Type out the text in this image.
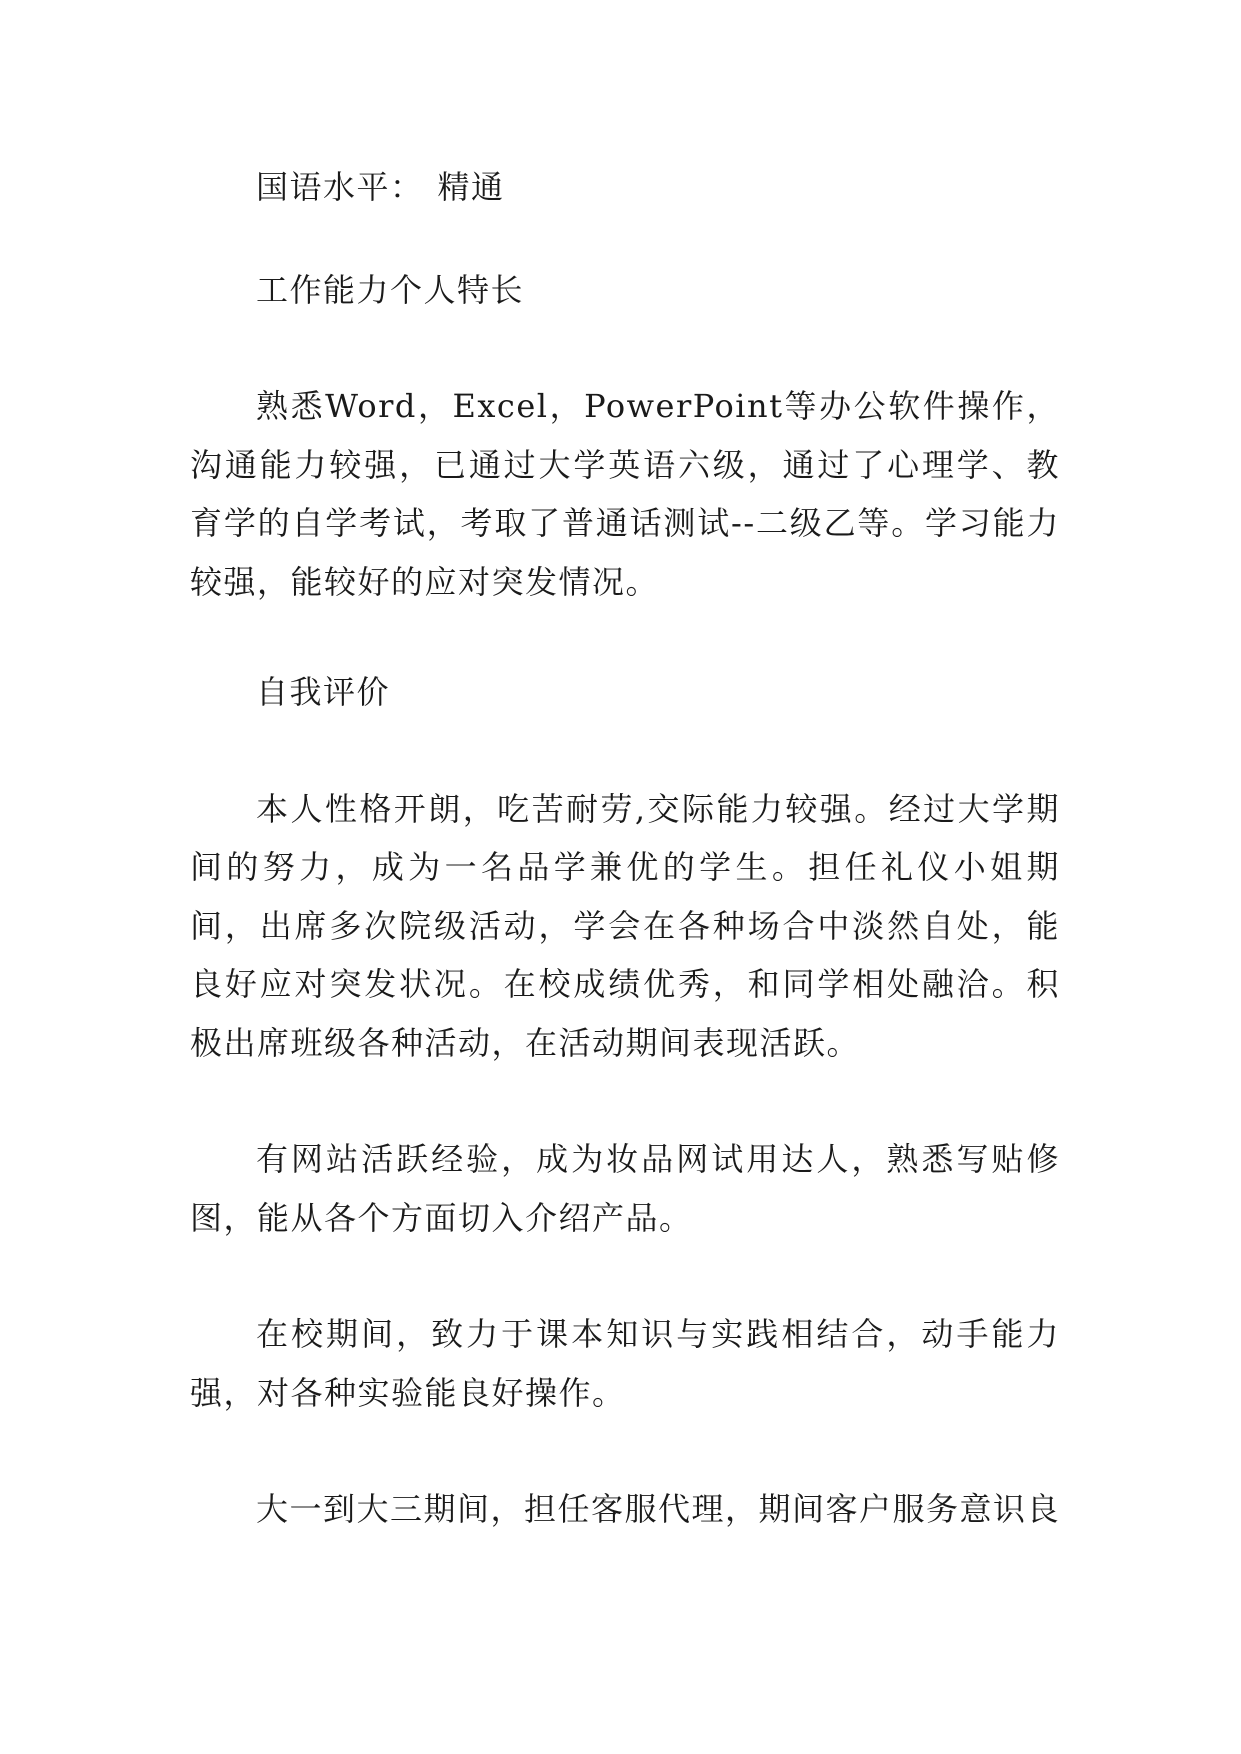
国语水平： 精通

工作能力个人特长

熟悉Word，Excel，PowerPoint等办公软件操作，沟通能力较强，已通过大学英语六级，通过了心理学、教育学的自学考试，考取了普通话测试--二级乙等。学习能力较强，能较好的应对突发情况。

自我评价

本人性格开朗，吃苦耐劳,交际能力较强。经过大学期间的努力，成为一名品学兼优的学生。担任礼仪小姐期间，出席多次院级活动，学会在各种场合中淡然自处，能良好应对突发状况。在校成绩优秀，和同学相处融洽。积极出席班级各种活动，在活动期间表现活跃。

有网站活跃经验，成为妆品网试用达人，熟悉写贴修图，能从各个方面切入介绍产品。

在校期间，致力于课本知识与实践相结合，动手能力强，对各种实验能良好操作。

大一到大三期间，担任客服代理，期间客户服务意识良
